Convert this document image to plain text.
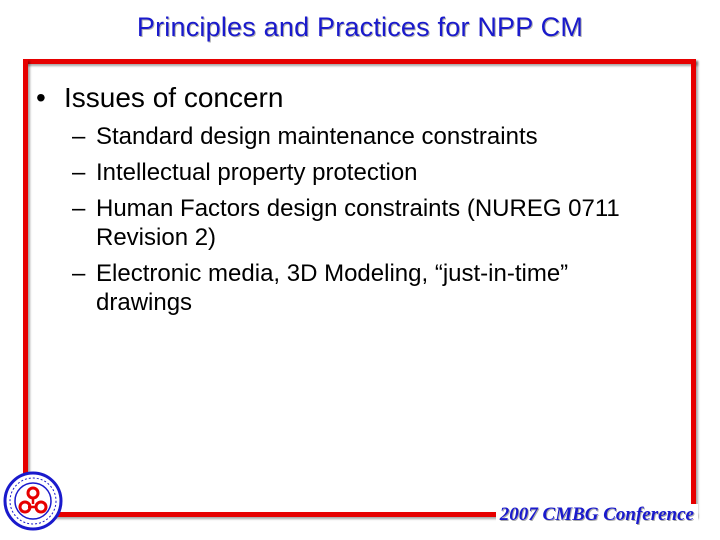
Principles and Practices for NPP CM
• Issues of concern
– Standard design maintenance constraints
– Intellectual property protection
– Human Factors design constraints (NUREG 0711 Revision 2)
– Electronic media, 3D Modeling, “just-in-time” drawings
2007 CMBG Conference
